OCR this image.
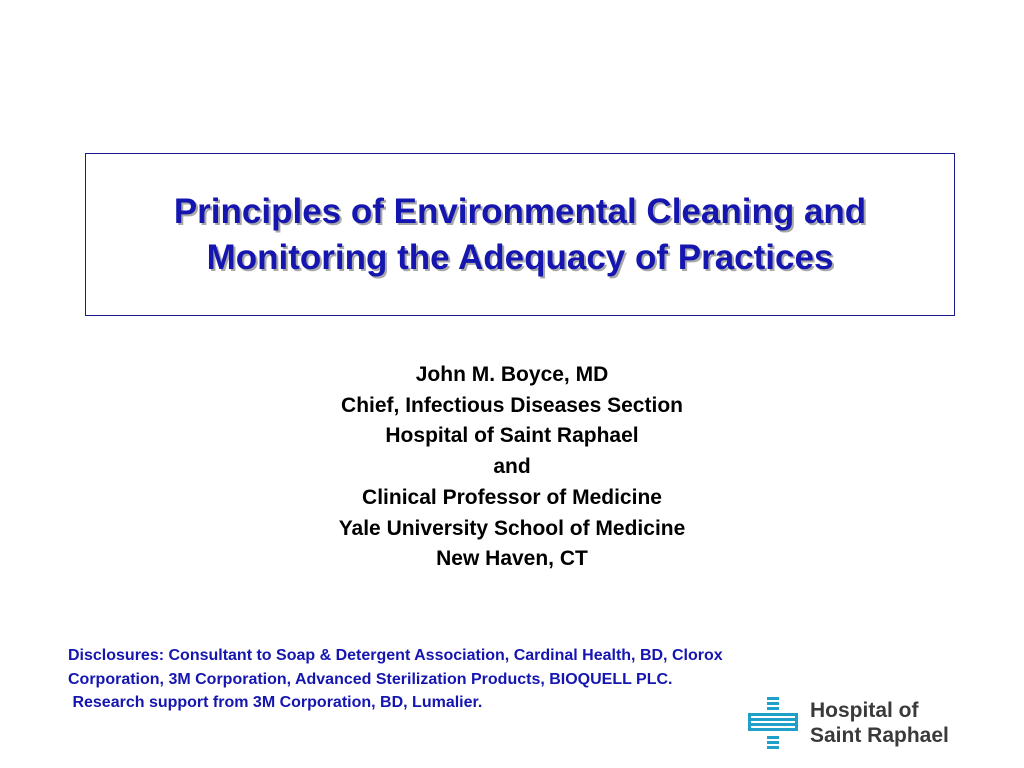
Principles of Environmental Cleaning and
Monitoring the Adequacy of Practices
John M. Boyce, MD
Chief, Infectious Diseases Section
Hospital of Saint Raphael
and
Clinical Professor of Medicine
Yale University School of Medicine
New Haven, CT
Disclosures: Consultant to Soap & Detergent Association, Cardinal Health, BD, Clorox
Corporation, 3M Corporation, Advanced Sterilization Products, BIOQUELL PLC.
Research support from 3M Corporation, BD, Lumalier.	Hospital of
Saint Raphael
